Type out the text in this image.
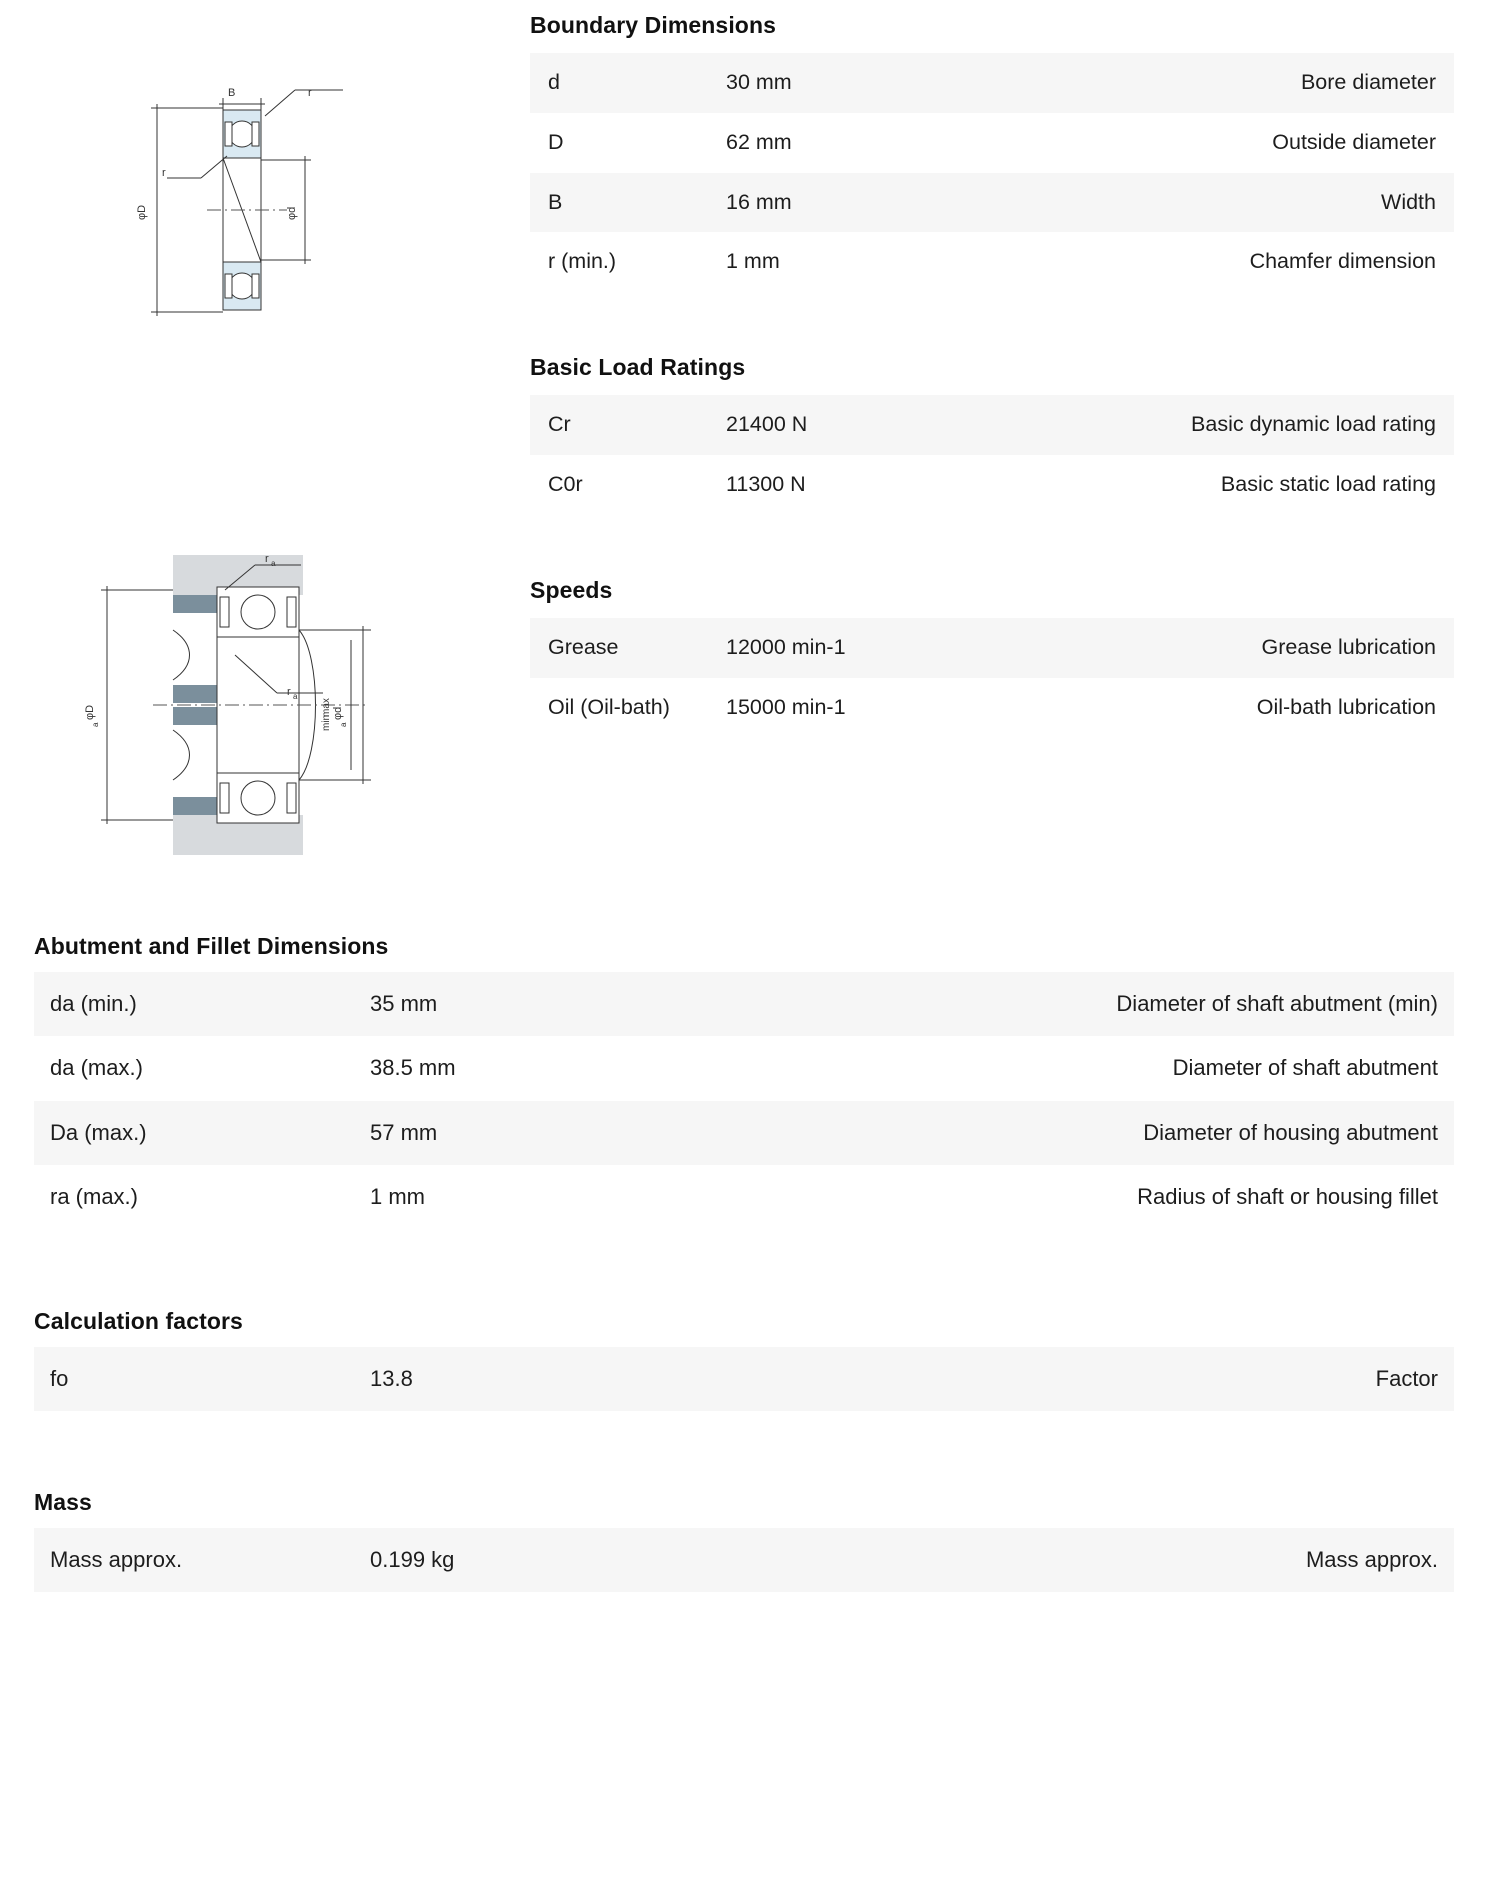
B	r
r
φD	φd
r a
r a
φD
a
φd
a
max
min
Boundary Dimensions
d	30 mm	Bore diameter
D	62 mm	Outside diameter
B	16 mm	Width
r (min.)	1 mm	Chamfer dimension
Basic Load Ratings
Cr	21400 N	Basic dynamic load rating
C0r	11300 N	Basic static load rating
Speeds
Grease	12000 min-1	Grease lubrication
Oil (Oil-bath)	15000 min-1	Oil-bath lubrication
Abutment and Fillet Dimensions
da (min.)	35 mm	Diameter of shaft abutment (min)
da (max.)	38.5 mm	Diameter of shaft abutment
Da (max.)	57 mm	Diameter of housing abutment
ra (max.)	1 mm	Radius of shaft or housing fillet
Calculation factors
fo	13.8	Factor
Mass
Mass approx.	0.199 kg	Mass approx.
